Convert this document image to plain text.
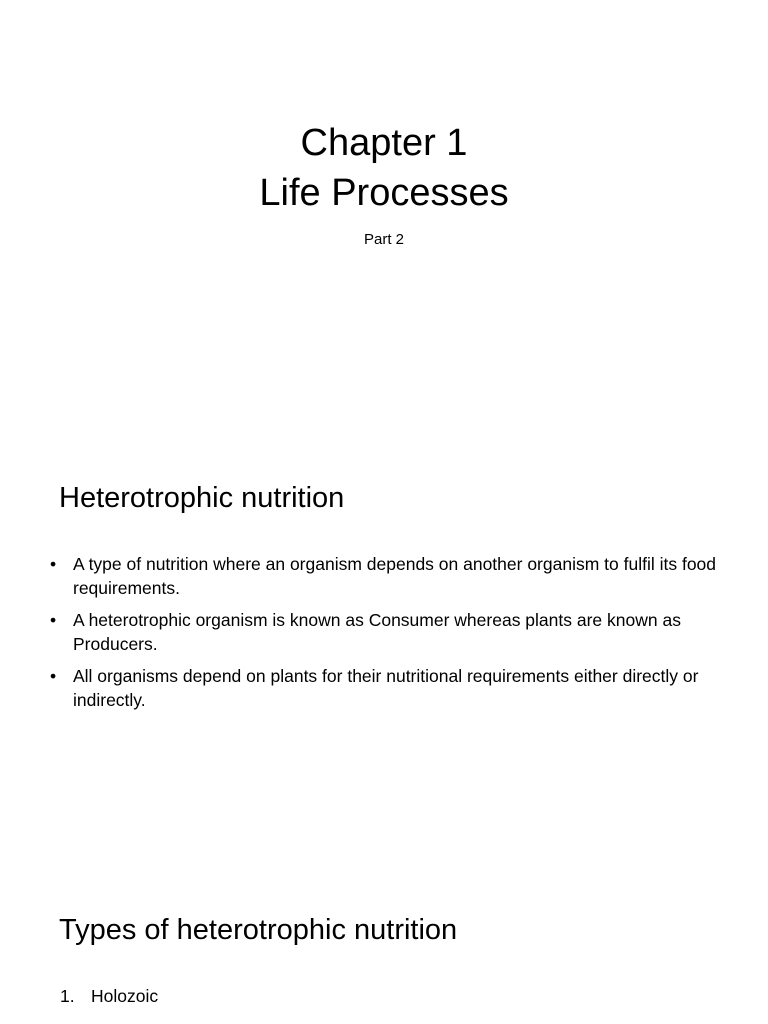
Chapter 1
Life Processes
Part 2
Heterotrophic nutrition
• A type of nutrition where an organism depends on another organism to fulfil its food requirements.
• A heterotrophic organism is known as Consumer whereas plants are known as Producers.
• All organisms depend on plants for their nutritional requirements either directly or indirectly.
Types of heterotrophic nutrition
1. Holozoic
